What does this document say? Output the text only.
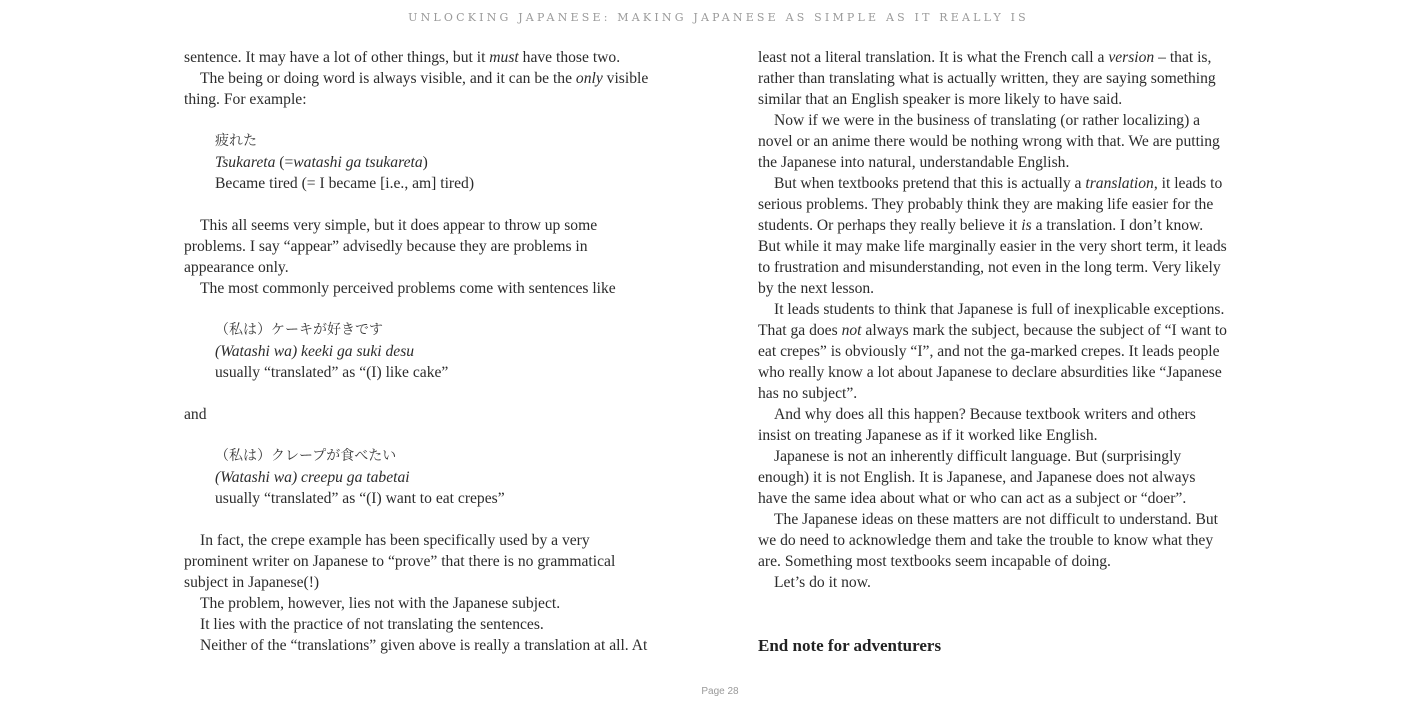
UNLOCKING JAPANESE: MAKING JAPANESE AS SIMPLE AS IT REALLY IS
sentence. It may have a lot of other things, but it must have those two.
The being or doing word is always visible, and it can be the only visible
thing. For example:
疲れた
Tsukareta (=watashi ga tsukareta)
Became tired (= I became [i.e., am] tired)
This all seems very simple, but it does appear to throw up some
problems. I say “appear” advisedly because they are problems in
appearance only.
The most commonly perceived problems come with sentences like
（私は）ケーキが好きです
(Watashi wa) keeki ga suki desu
usually “translated” as “(I) like cake”
and
（私は）クレープが食べたい
(Watashi wa) creepu ga tabetai
usually “translated” as “(I) want to eat crepes”
In fact, the crepe example has been specifically used by a very
prominent writer on Japanese to “prove” that there is no grammatical
subject in Japanese(!)
The problem, however, lies not with the Japanese subject.
It lies with the practice of not translating the sentences.
Neither of the “translations” given above is really a translation at all. At
least not a literal translation. It is what the French call a version – that is,
rather than translating what is actually written, they are saying something
similar that an English speaker is more likely to have said.
Now if we were in the business of translating (or rather localizing) a
novel or an anime there would be nothing wrong with that. We are putting
the Japanese into natural, understandable English.
But when textbooks pretend that this is actually a translation, it leads to
serious problems. They probably think they are making life easier for the
students. Or perhaps they really believe it is a translation. I don’t know.
But while it may make life marginally easier in the very short term, it leads
to frustration and misunderstanding, not even in the long term. Very likely
by the next lesson.
It leads students to think that Japanese is full of inexplicable exceptions.
That ga does not always mark the subject, because the subject of “I want to
eat crepes” is obviously “I”, and not the ga-marked crepes. It leads people
who really know a lot about Japanese to declare absurdities like “Japanese
has no subject”.
And why does all this happen? Because textbook writers and others
insist on treating Japanese as if it worked like English.
Japanese is not an inherently difficult language. But (surprisingly
enough) it is not English. It is Japanese, and Japanese does not always
have the same idea about what or who can act as a subject or “doer”.
The Japanese ideas on these matters are not difficult to understand. But
we do need to acknowledge them and take the trouble to know what they
are. Something most textbooks seem incapable of doing.
Let’s do it now.
End note for adventurers
Page 28
